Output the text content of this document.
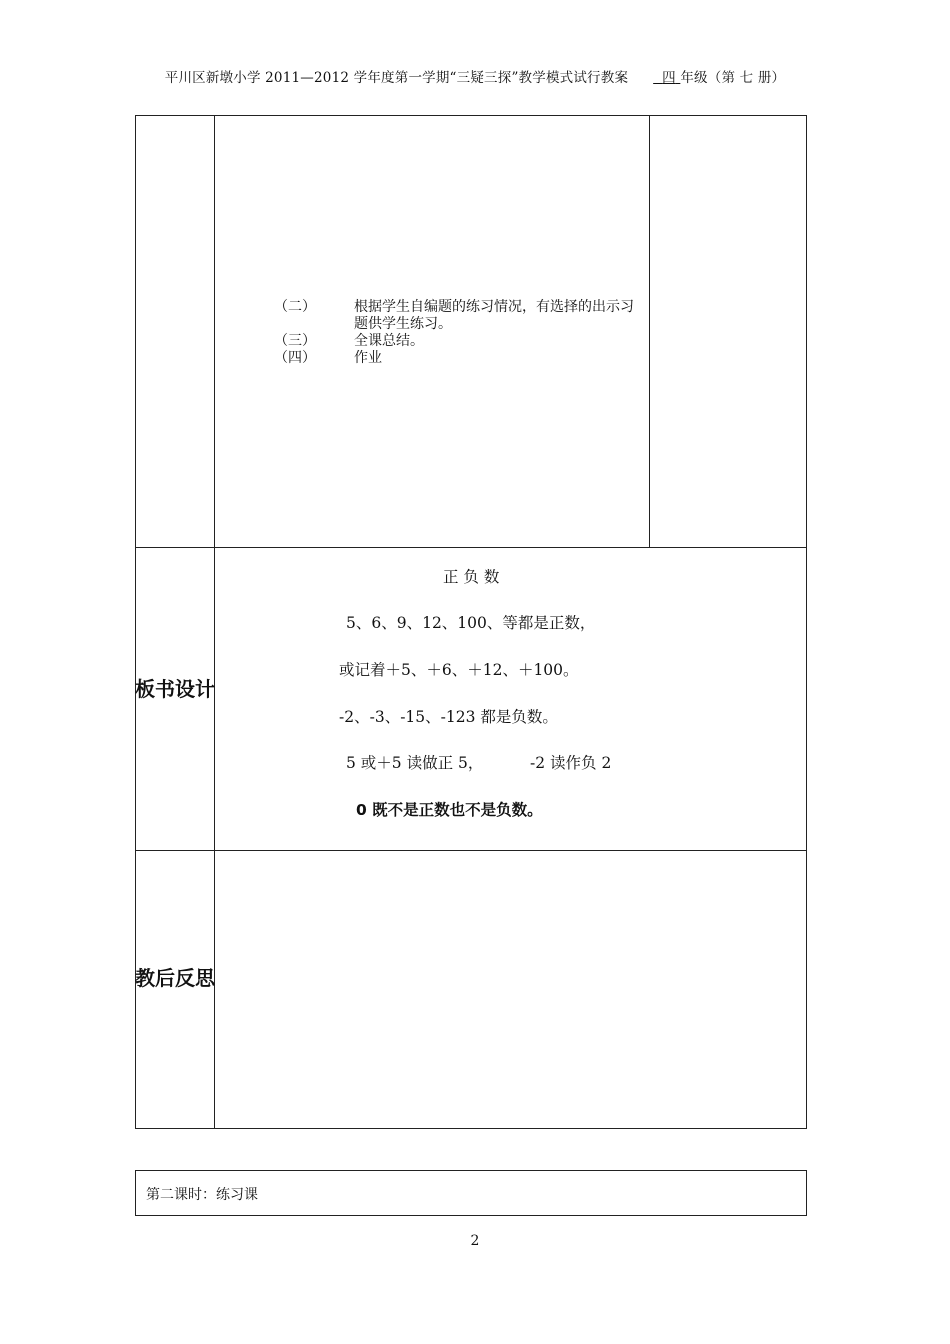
平川区新墩小学 2011—2012 学年度第一学期“三疑三探”教学模式试行教案	四 年级（第 七 册）
（二）	根据学生自编题的练习情况，有选择的出示习题供学生练习。
（三）	全课总结。
（四）	作业
板书设计
正 负 数
5、6、9、12、100、等都是正数，
或记着＋5、＋6、＋12、＋100。
-2、-3、-15、-123 都是负数。
5 或＋5 读做正 5，	-2 读作负 2
0 既不是正数也不是负数。
教后反思
第二课时：练习课
2
